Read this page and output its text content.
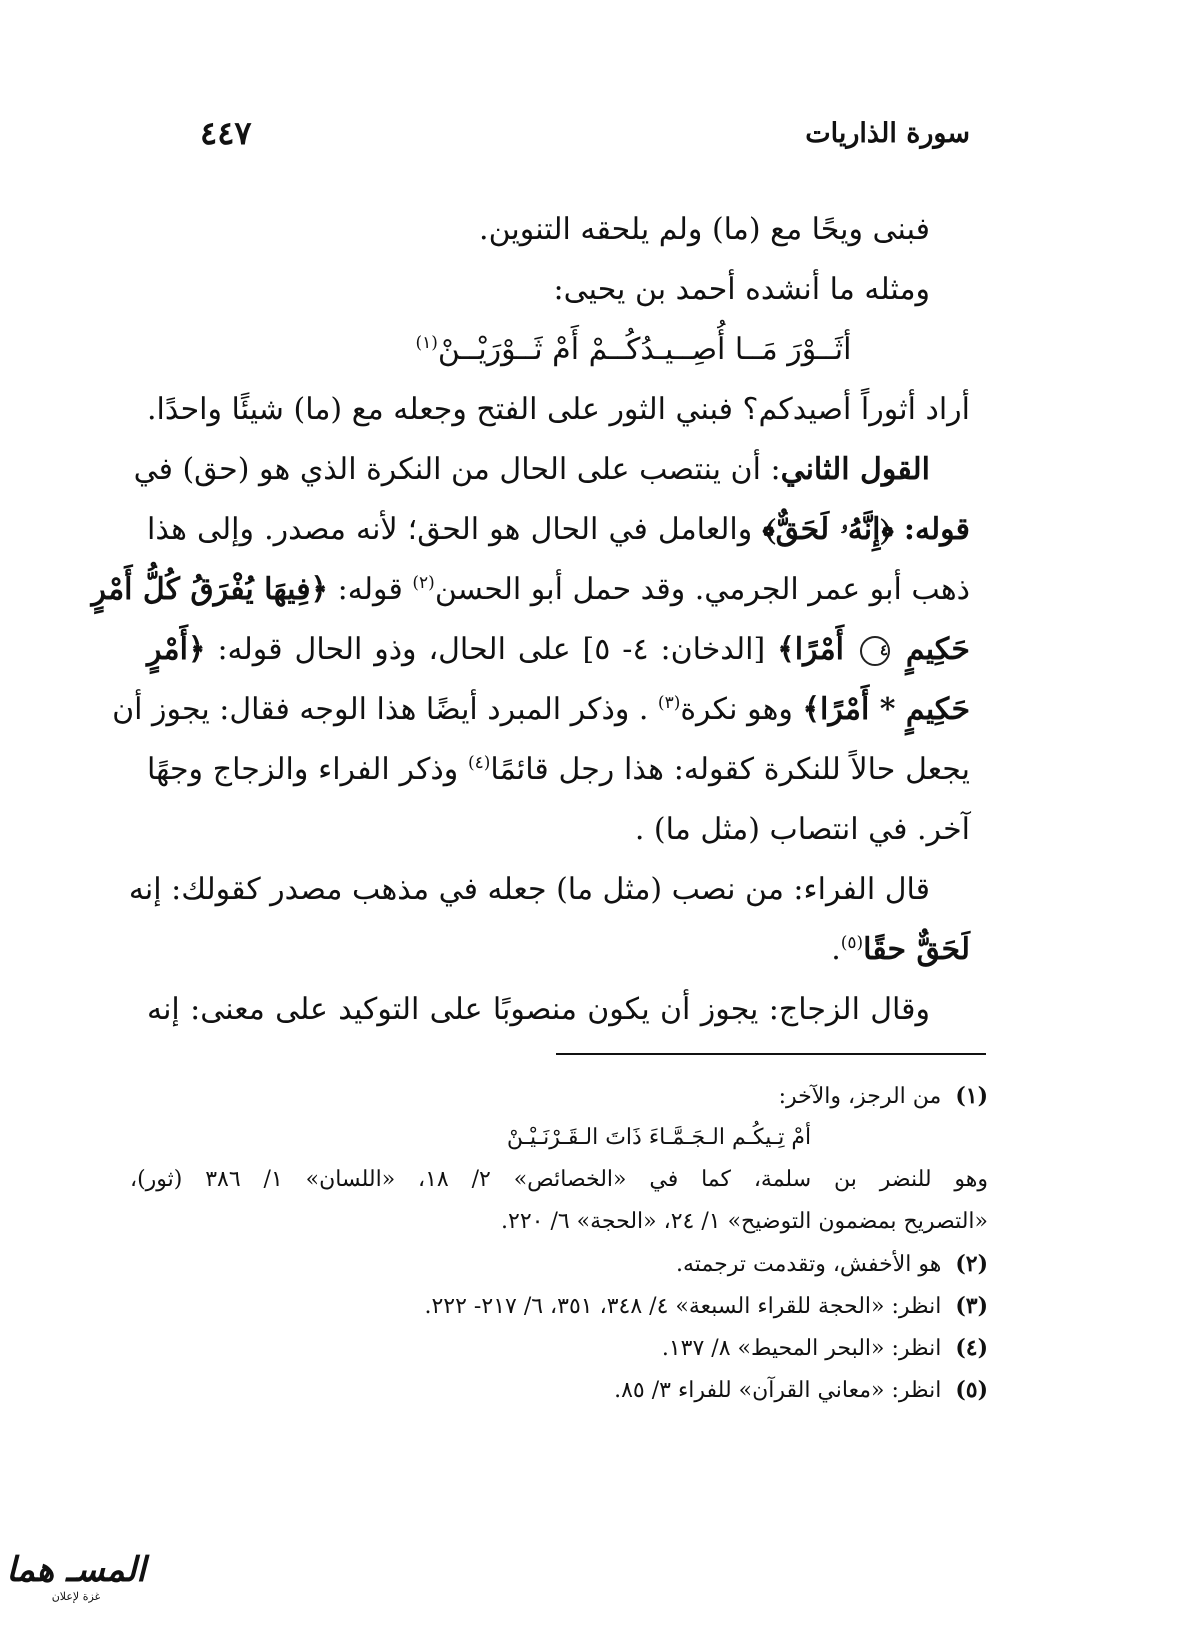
سورة الذاريات
٤٤٧
فبنى ويحًا مع (ما) ولم يلحقه التنوين.
ومثله ما أنشده أحمد بن يحيى:
أثَــوْرَ مَــا أُصِــيـدُكُــمْ أَمْ ثَــوْرَيْــنْ$^{(١)}$
أراد أثوراً أصيدكم؟ فبني الثور على الفتح وجعله مع (ما) شيئًا واحدًا.
القول الثاني: أن ينتصب على الحال من النكرة الذي هو (حق) في
قوله: ﴿إِنَّهُۥ لَحَقٌّ﴾ والعامل في الحال هو الحق؛ لأنه مصدر. وإلى هذا
ذهب أبو عمر الجرمي. وقد حمل أبو الحسن$^{(٢)}$ قوله: ﴿فِيهَا يُفْرَقُ كُلُّ أَمْرٍ
حَكِيمٍ ٤ أَمْرًا﴾ [الدخان: ٤- ٥] على الحال، وذو الحال قوله: ﴿أَمْرٍ
حَكِيمٍ * أَمْرًا﴾ وهو نكرة$^{(٣)}$ . وذكر المبرد أيضًا هذا الوجه فقال: يجوز أن
يجعل حالاً للنكرة كقوله: هذا رجل قائمًا$^{(٤)}$ وذكر الفراء والزجاج وجهًا
آخر. في انتصاب (مثل ما) .
قال الفراء: من نصب (مثل ما) جعله في مذهب مصدر كقولك: إنه
لَحَقٌّ حقًا$^{(٥)}$.
وقال الزجاج: يجوز أن يكون منصوبًا على التوكيد على معنى: إنه
(١)من الرجز، والآخر:
أمْ تِـيكُـم الـجَـمَّـاءَ ذَاتَ الـقَـرْنَـيْـنْ
وهو للنضر بن سلمة، كما في «الخصائص» ٢/ ١٨، «اللسان» ١/ ٣٨٦ (ثور)،
«التصريح بمضمون التوضيح» ١/ ٢٤، «الحجة» ٦/ ٢٢٠.
(٢)هو الأخفش، وتقدمت ترجمته.
(٣)انظر: «الحجة للقراء السبعة» ٤/ ٣٤٨، ٣٥١، ٦/ ٢١٧- ٢٢٢.
(٤)انظر: «البحر المحيط» ٨/ ١٣٧.
(٥)انظر: «معاني القرآن» للفراء ٣/ ٨٥.
المسـ هما
غزة لإعلان
